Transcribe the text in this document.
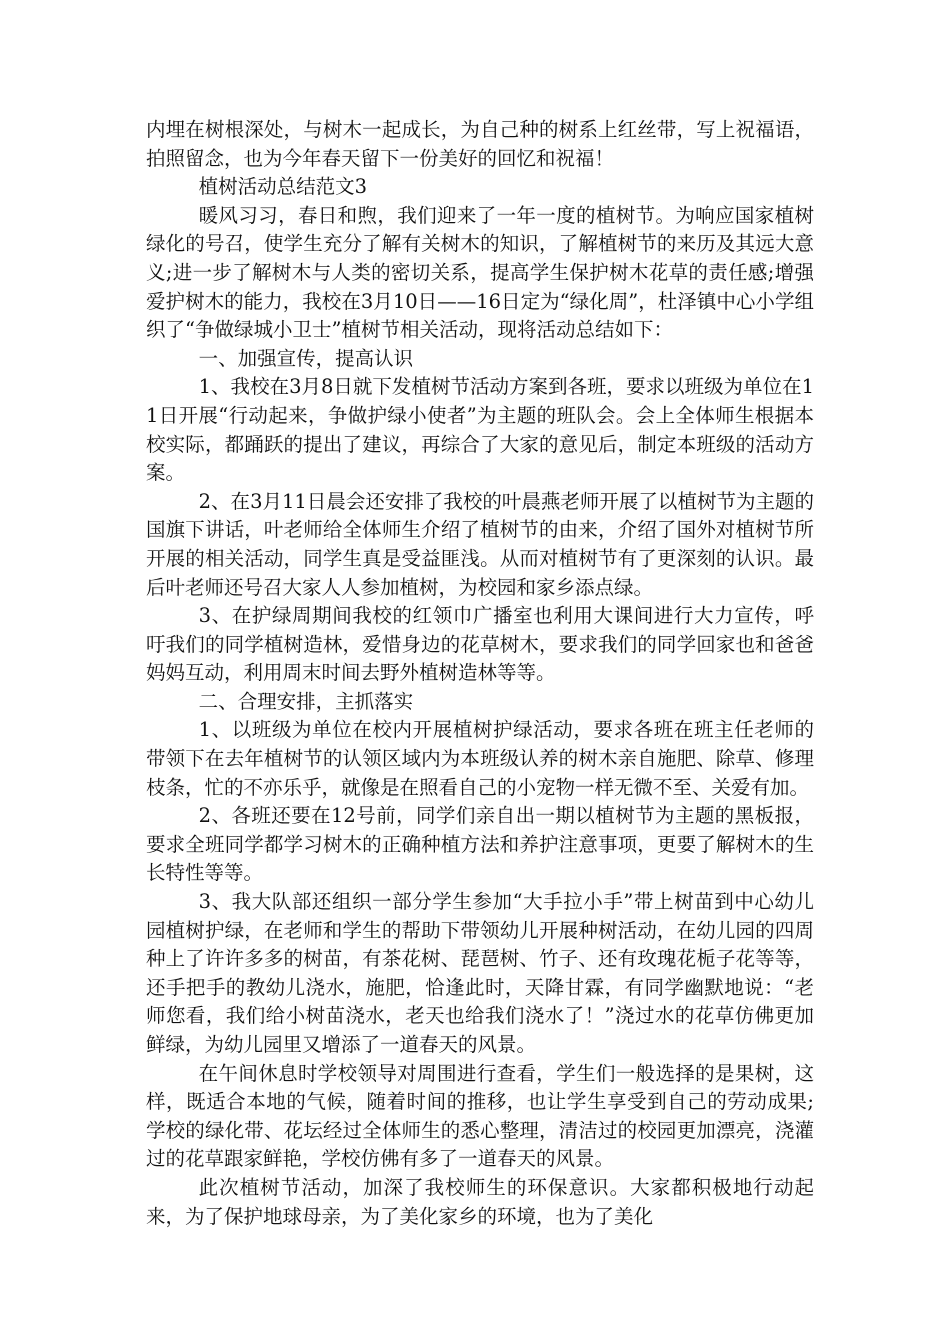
内埋在树根深处，与树木一起成长，为自己种的树系上红丝带，写上祝福语，拍照留念，也为今年春天留下一份美好的回忆和祝福！

植树活动总结范文3

暖风习习，春日和煦，我们迎来了一年一度的植树节。为响应国家植树绿化的号召，使学生充分了解有关树木的知识，了解植树节的来历及其远大意义;进一步了解树木与人类的密切关系，提高学生保护树木花草的责任感;增强爱护树木的能力，我校在3月10日——16日定为“绿化周”，杜泽镇中心小学组织了“争做绿城小卫士”植树节相关活动，现将活动总结如下：

一、加强宣传，提高认识

1、我校在3月8日就下发植树节活动方案到各班，要求以班级为单位在11日开展“行动起来，争做护绿小使者”为主题的班队会。会上全体师生根据本校实际，都踊跃的提出了建议，再综合了大家的意见后，制定本班级的活动方案。

2、在3月11日晨会还安排了我校的叶晨燕老师开展了以植树节为主题的国旗下讲话，叶老师给全体师生介绍了植树节的由来，介绍了国外对植树节所开展的相关活动，同学生真是受益匪浅。从而对植树节有了更深刻的认识。最后叶老师还号召大家人人参加植树，为校园和家乡添点绿。

3、在护绿周期间我校的红领巾广播室也利用大课间进行大力宣传，呼吁我们的同学植树造林，爱惜身边的花草树木，要求我们的同学回家也和爸爸妈妈互动，利用周末时间去野外植树造林等等。

二、合理安排，主抓落实

1、以班级为单位在校内开展植树护绿活动，要求各班在班主任老师的带领下在去年植树节的认领区域内为本班级认养的树木亲自施肥、除草、修理枝条，忙的不亦乐乎，就像是在照看自己的小宠物一样无微不至、关爱有加。

2、各班还要在12号前，同学们亲自出一期以植树节为主题的黑板报，要求全班同学都学习树木的正确种植方法和养护注意事项，更要了解树木的生长特性等等。

3、我大队部还组织一部分学生参加“大手拉小手”带上树苗到中心幼儿园植树护绿，在老师和学生的帮助下带领幼儿开展种树活动，在幼儿园的四周种上了许许多多的树苗，有茶花树、琵琶树、竹子、还有玫瑰花栀子花等等，还手把手的教幼儿浇水，施肥，恰逢此时，天降甘霖，有同学幽默地说：“老师您看，我们给小树苗浇水，老天也给我们浇水了！”浇过水的花草仿佛更加鲜绿，为幼儿园里又增添了一道春天的风景。

在午间休息时学校领导对周围进行查看，学生们一般选择的是果树，这样，既适合本地的气候，随着时间的推移，也让学生享受到自己的劳动成果;学校的绿化带、花坛经过全体师生的悉心整理，清洁过的校园更加漂亮，浇灌过的花草跟家鲜艳，学校仿佛有多了一道春天的风景。

此次植树节活动，加深了我校师生的环保意识。大家都积极地行动起来，为了保护地球母亲，为了美化家乡的环境，也为了美化
